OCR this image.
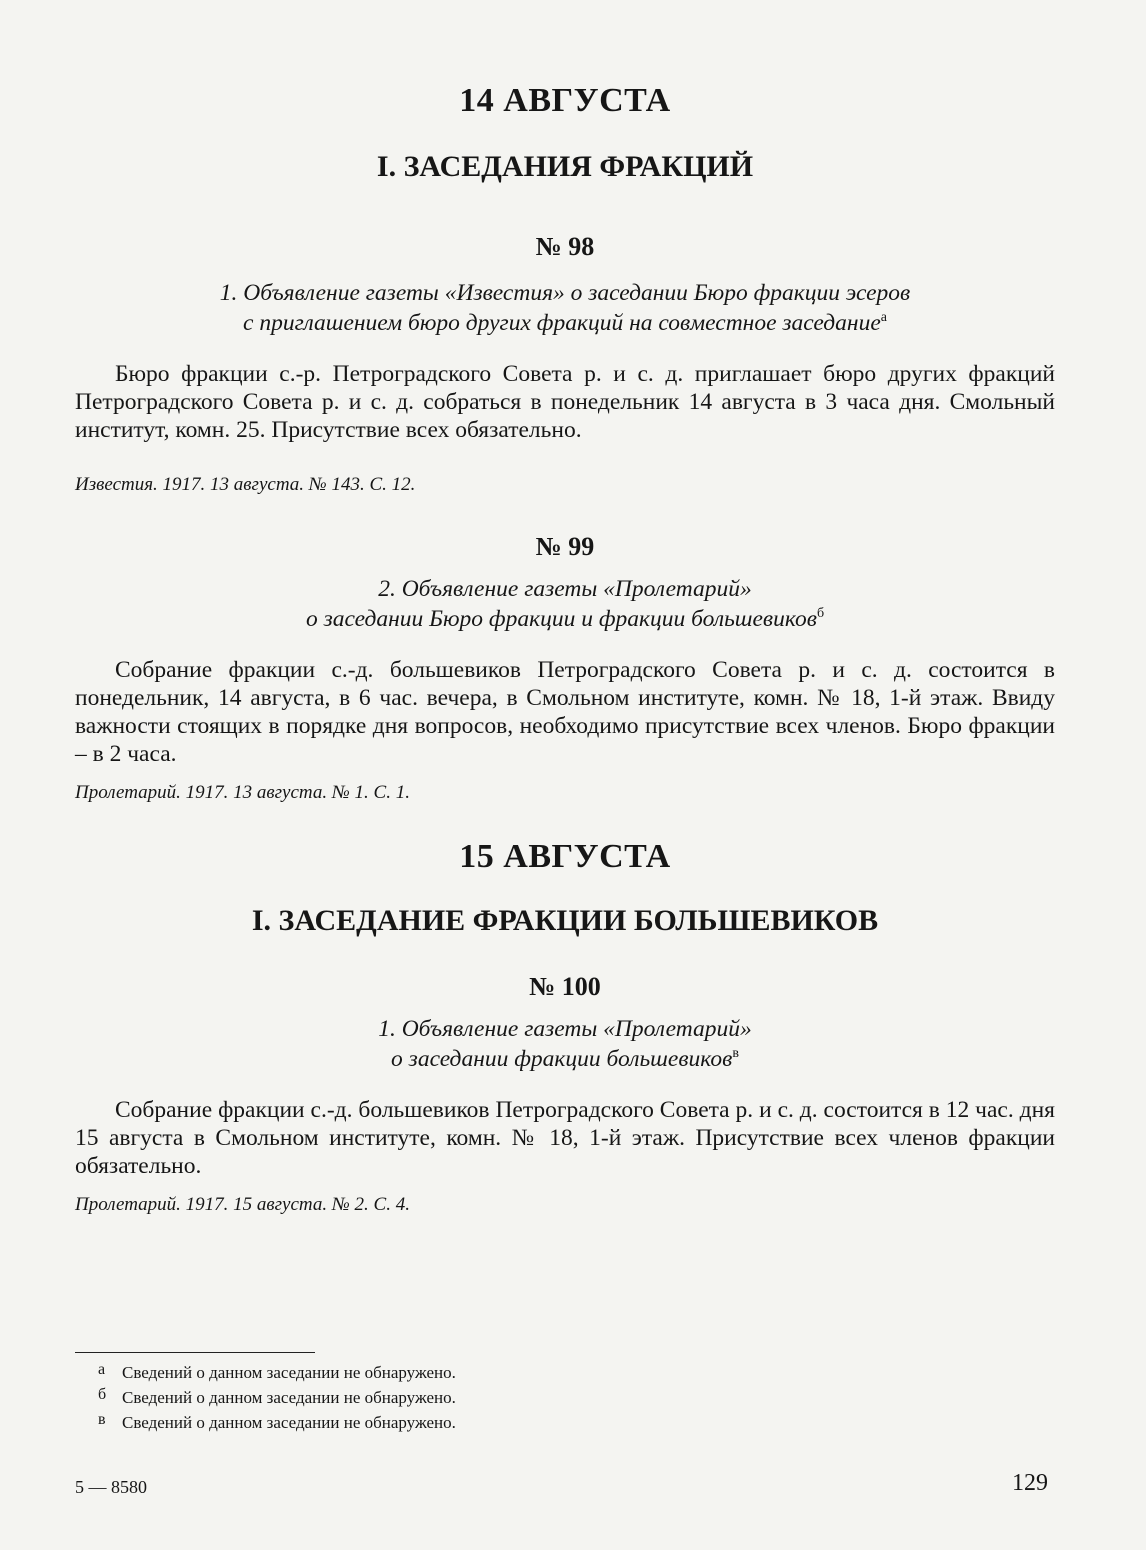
14 АВГУСТА
I. ЗАСЕДАНИЯ ФРАКЦИЙ
№ 98

1. Объявление газеты «Известия» о заседании Бюро фракции эсеров
с приглашением бюро других фракций на совместное заседание$^а$

Бюро фракции с.-р. Петроградского Совета р. и с. д. приглашает бюро других фракций Петроградского Совета р. и с. д. собраться в понедельник 14 августа в 3 часа дня. Смольный институт, комн. 25. Присутствие всех обязательно.

Известия. 1917. 13 августа. № 143. С. 12.

№ 99

2. Объявление газеты «Пролетарий»
о заседании Бюро фракции и фракции большевиков$^б$

Собрание фракции с.-д. большевиков Петроградского Совета р. и с. д. состоится в понедельник, 14 августа, в 6 час. вечера, в Смольном институте, комн. № 18, 1-й этаж. Ввиду важности стоящих в порядке дня вопросов, необходимо присутствие всех членов. Бюро фракции – в 2 часа.

Пролетарий. 1917. 13 августа. № 1. С. 1.

15 АВГУСТА
I. ЗАСЕДАНИЕ ФРАКЦИИ БОЛЬШЕВИКОВ
№ 100

1. Объявление газеты «Пролетарий»
о заседании фракции большевиков$^в$

Собрание фракции с.-д. большевиков Петроградского Совета р. и с. д. состоится в 12 час. дня 15 августа в Смольном институте, комн. № 18, 1-й этаж. Присутствие всех членов фракции обязательно.

Пролетарий. 1917. 15 августа. № 2. С. 4.

а Сведений о данном заседании не обнаружено.
б Сведений о данном заседании не обнаружено.
в Сведений о данном заседании не обнаружено.
5 — 8580	129
